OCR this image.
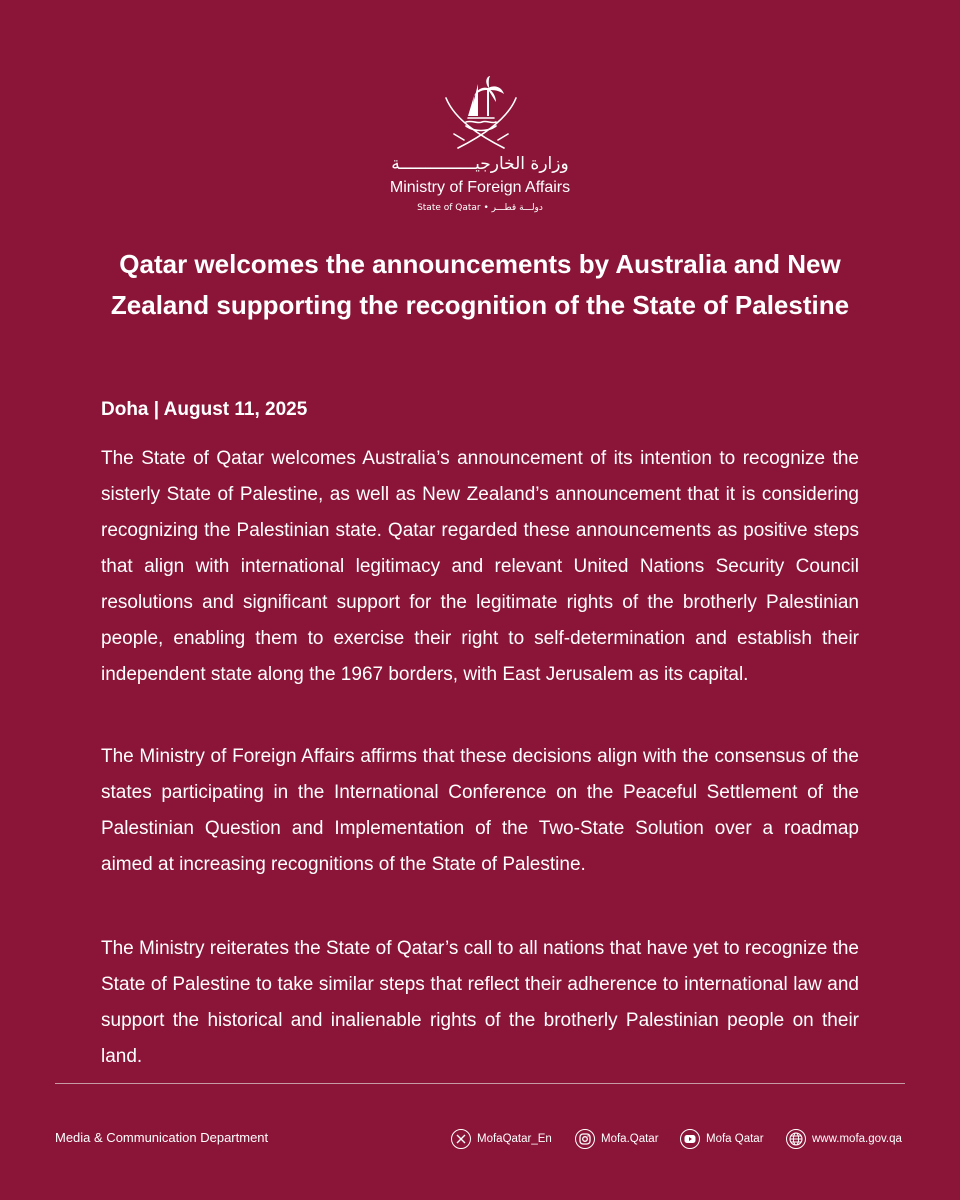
وزارة الخارجيـــــــــــــــة
Ministry of Foreign Affairs
State of Qatar • دولـــة قطـــر
Qatar welcomes the announcements by Australia and New Zealand supporting the recognition of the State of Palestine
Doha | August 11, 2025

The State of Qatar welcomes Australia’s announcement of its intention to recognize the sisterly State of Palestine, as well as New Zealand’s announcement that it is considering recognizing the Palestinian state. Qatar regarded these announcements as positive steps that align with international legitimacy and relevant United Nations Security Council resolutions and significant support for the legitimate rights of the brotherly Palestinian people, enabling them to exercise their right to self-determination and establish their independent state along the 1967 borders, with East Jerusalem as its capital.

The Ministry of Foreign Affairs affirms that these decisions align with the consensus of the states participating in the International Conference on the Peaceful Settlement of the Palestinian Question and Implementation of the Two-State Solution over a roadmap aimed at increasing recognitions of the State of Palestine.

The Ministry reiterates the State of Qatar’s call to all nations that have yet to recognize the State of Palestine to take similar steps that reflect their adherence to international law and support the historical and inalienable rights of the brotherly Palestinian people on their land.

Media & Communication Department	MofaQatar_En	Mofa.Qatar	Mofa Qatar	www.mofa.gov.qa
